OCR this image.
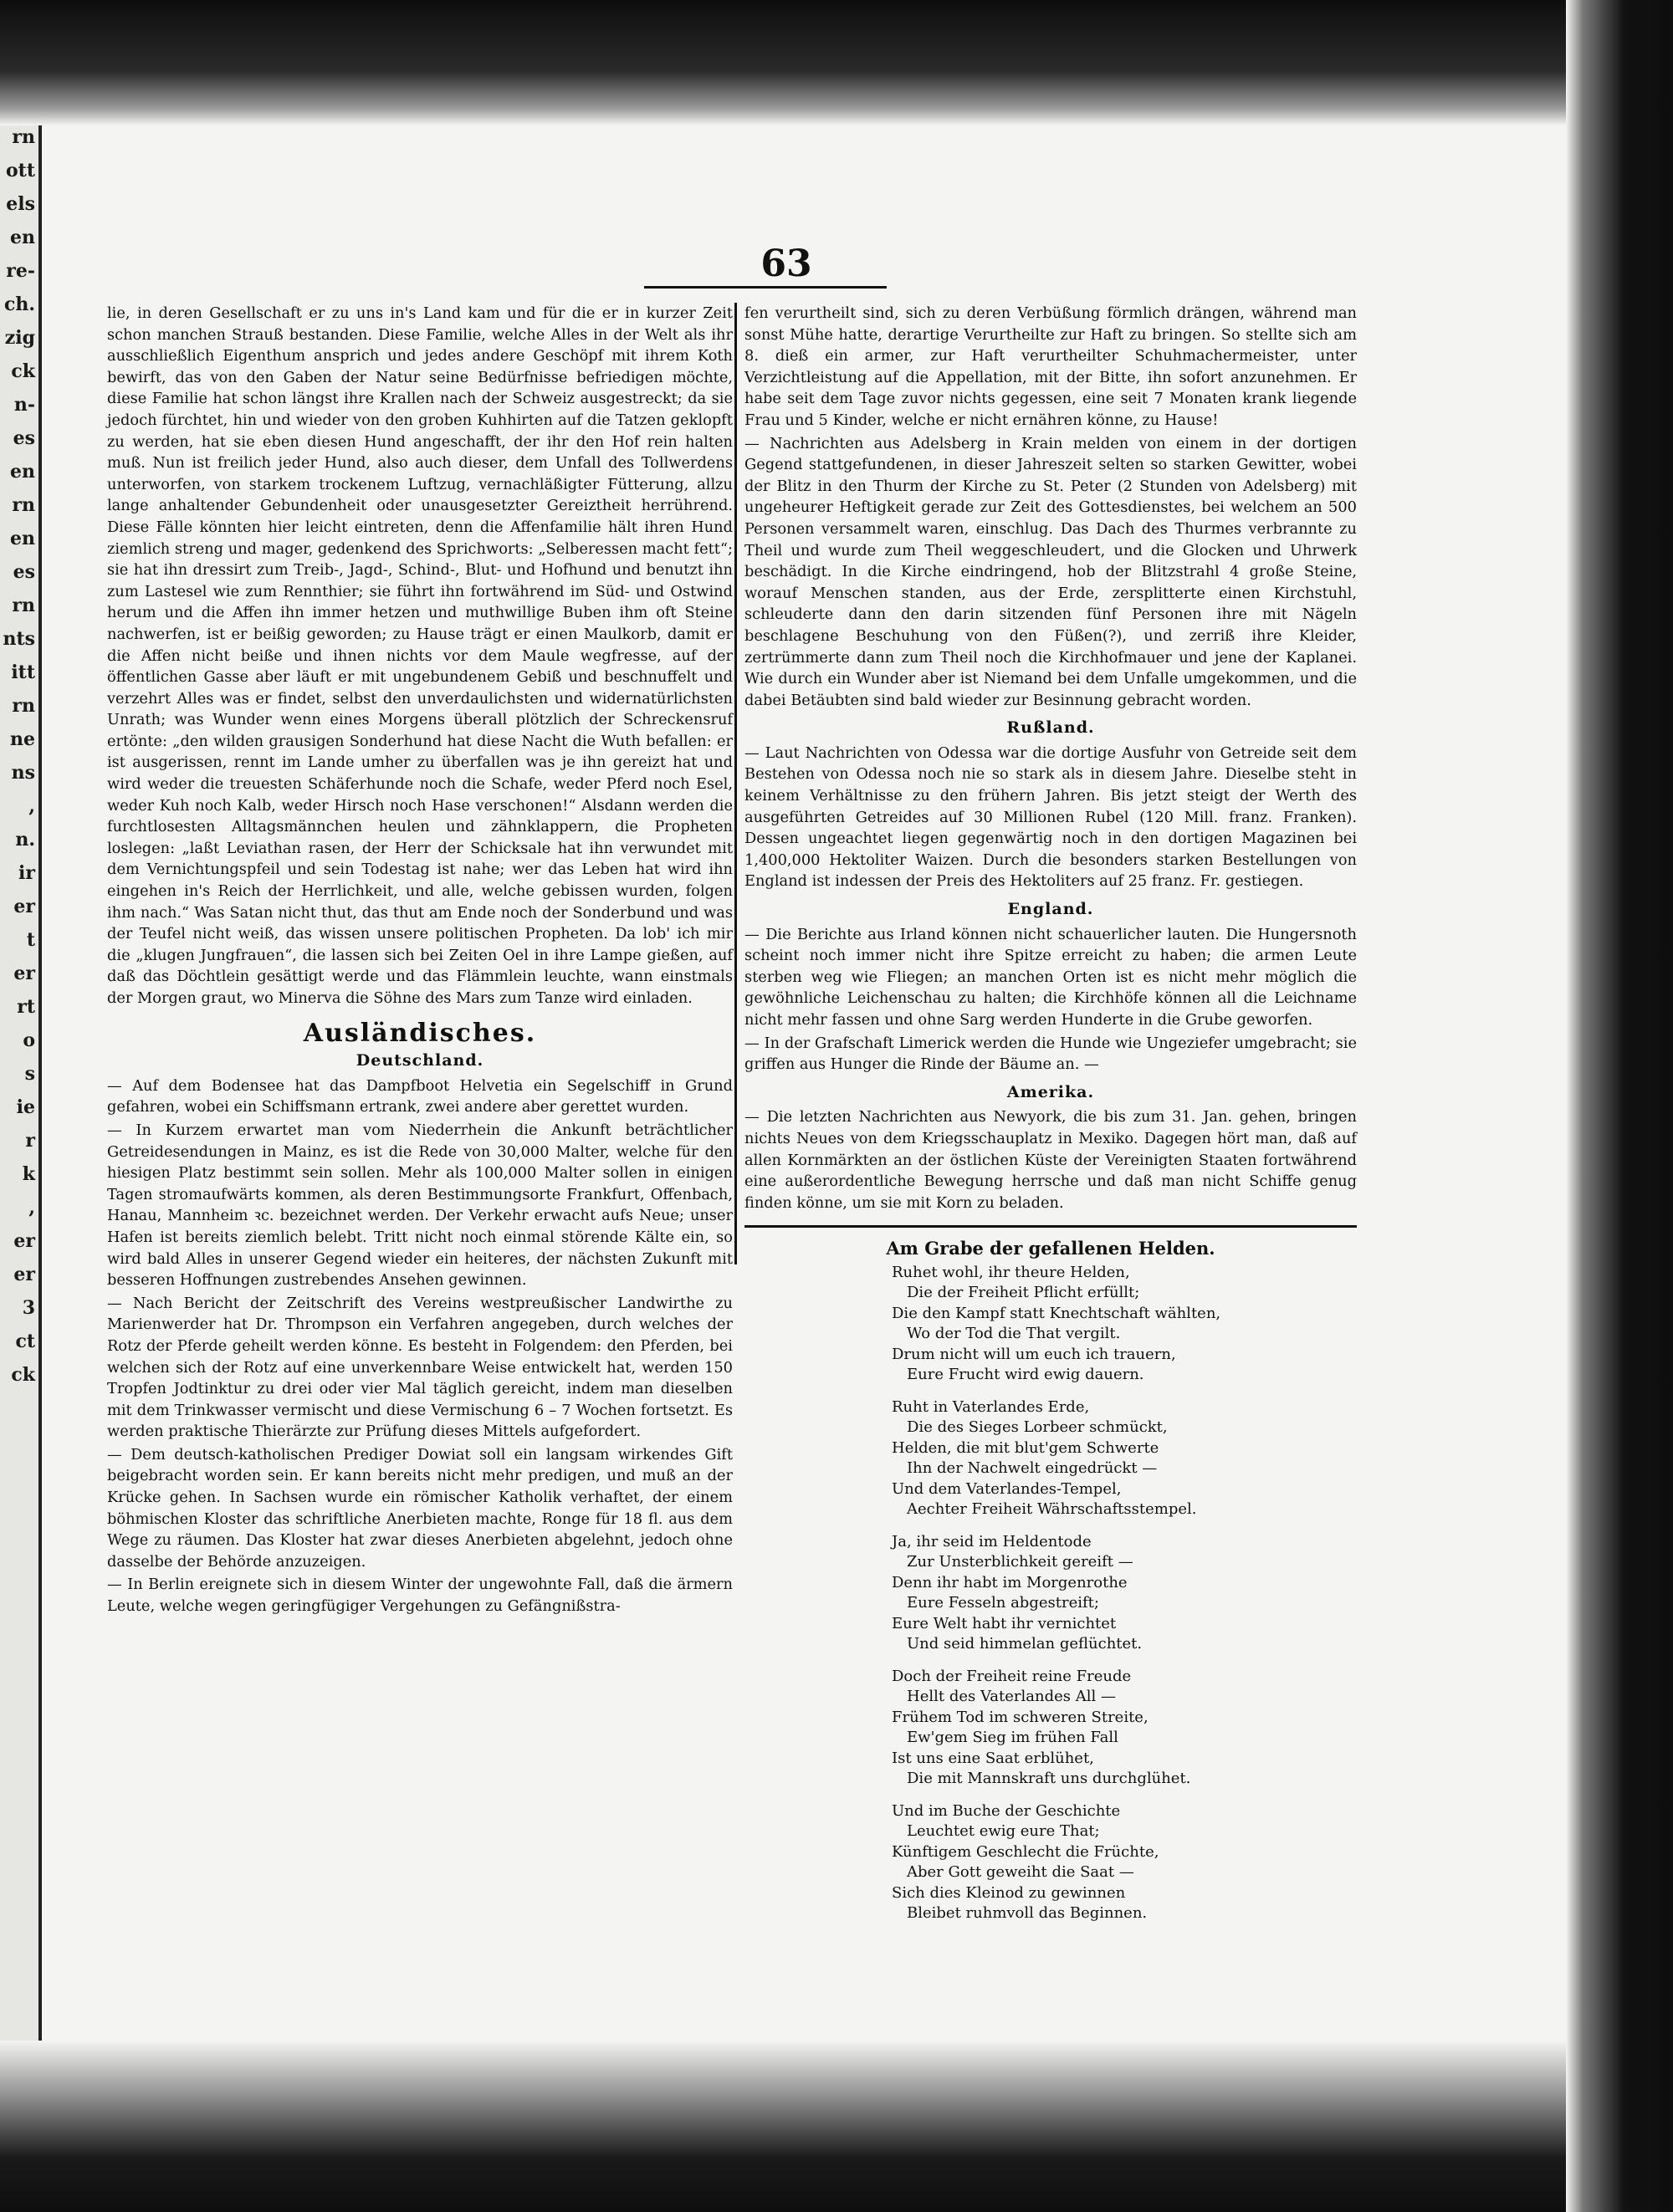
rn
ott
els
en
re-
ch.
zig
ck
n-
es
en
rn
en
es
rn
nts
itt
rn
ne
ns
,
n.
ir
er
t
er
rt
o
s
ie
r
k
,
er
er
3
ct
ck
63

lie, in deren Gesellschaft er zu uns in's Land kam und für die er in kurzer Zeit schon manchen Strauß bestanden. Diese Familie, welche Alles in der Welt als ihr ausschließlich Eigenthum ansprich und jedes andere Geschöpf mit ihrem Koth bewirft, das von den Gaben der Natur seine Bedürfnisse befriedigen möchte, diese Familie hat schon längst ihre Krallen nach der Schweiz ausgestreckt; da sie jedoch fürchtet, hin und wieder von den groben Kuhhirten auf die Tatzen geklopft zu werden, hat sie eben diesen Hund angeschafft, der ihr den Hof rein halten muß. Nun ist freilich jeder Hund, also auch dieser, dem Unfall des Tollwerdens unterworfen, von starkem trockenem Luftzug, vernachläßigter Fütterung, allzu lange anhaltender Gebundenheit oder unausgesetzter Gereiztheit herrührend. Diese Fälle könnten hier leicht eintreten, denn die Affenfamilie hält ihren Hund ziemlich streng und mager, gedenkend des Sprichworts: „Selberessen macht fett“; sie hat ihn dressirt zum Treib-, Jagd-, Schind-, Blut- und Hofhund und benutzt ihn zum Lastesel wie zum Rennthier; sie führt ihn fortwährend im Süd- und Ostwind herum und die Affen ihn immer hetzen und muthwillige Buben ihm oft Steine nachwerfen, ist er beißig geworden; zu Hause trägt er einen Maulkorb, damit er die Affen nicht beiße und ihnen nichts vor dem Maule wegfresse, auf der öffentlichen Gasse aber läuft er mit ungebundenem Gebiß und beschnuffelt und verzehrt Alles was er findet, selbst den unverdaulichsten und widernatürlichsten Unrath; was Wunder wenn eines Morgens überall plötzlich der Schreckensruf ertönte: „den wilden grausigen Sonderhund hat diese Nacht die Wuth befallen: er ist ausgerissen, rennt im Lande umher zu überfallen was je ihn gereizt hat und wird weder die treuesten Schäferhunde noch die Schafe, weder Pferd noch Esel, weder Kuh noch Kalb, weder Hirsch noch Hase verschonen!“ Alsdann werden die furchtlosesten Alltagsmännchen heulen und zähnklappern, die Propheten loslegen: „laßt Leviathan rasen, der Herr der Schicksale hat ihn verwundet mit dem Vernichtungspfeil und sein Todestag ist nahe; wer das Leben hat wird ihn eingehen in's Reich der Herrlichkeit, und alle, welche gebissen wurden, folgen ihm nach.“ Was Satan nicht thut, das thut am Ende noch der Sonderbund und was der Teufel nicht weiß, das wissen unsere politischen Propheten. Da lob' ich mir die „klugen Jungfrauen“, die lassen sich bei Zeiten Oel in ihre Lampe gießen, auf daß das Döchtlein gesättigt werde und das Flämmlein leuchte, wann einstmals der Morgen graut, wo Minerva die Söhne des Mars zum Tanze wird einladen.

Ausländisches.
Deutschland.

— Auf dem Bodensee hat das Dampfboot Helvetia ein Segelschiff in Grund gefahren, wobei ein Schiffsmann ertrank, zwei andere aber gerettet wurden.

— In Kurzem erwartet man vom Niederrhein die Ankunft beträchtlicher Getreidesendungen in Mainz, es ist die Rede von 30,000 Malter, welche für den hiesigen Platz bestimmt sein sollen. Mehr als 100,000 Malter sollen in einigen Tagen stromaufwärts kommen, als deren Bestimmungsorte Frankfurt, Offenbach, Hanau, Mannheim ꝛc. bezeichnet werden. Der Verkehr erwacht aufs Neue; unser Hafen ist bereits ziemlich belebt. Tritt nicht noch einmal störende Kälte ein, so wird bald Alles in unserer Gegend wieder ein heiteres, der nächsten Zukunft mit besseren Hoffnungen zustrebendes Ansehen gewinnen.

— Nach Bericht der Zeitschrift des Vereins westpreußischer Landwirthe zu Marienwerder hat Dr. Thrompson ein Verfahren angegeben, durch welches der Rotz der Pferde geheilt werden könne. Es besteht in Folgendem: den Pferden, bei welchen sich der Rotz auf eine unverkennbare Weise entwickelt hat, werden 150 Tropfen Jodtinktur zu drei oder vier Mal täglich gereicht, indem man dieselben mit dem Trinkwasser vermischt und diese Vermischung 6 – 7 Wochen fortsetzt. Es werden praktische Thierärzte zur Prüfung dieses Mittels aufgefordert.

— Dem deutsch-katholischen Prediger Dowiat soll ein langsam wirkendes Gift beigebracht worden sein. Er kann bereits nicht mehr predigen, und muß an der Krücke gehen. In Sachsen wurde ein römischer Katholik verhaftet, der einem böhmischen Kloster das schriftliche Anerbieten machte, Ronge für 18 fl. aus dem Wege zu räumen. Das Kloster hat zwar dieses Anerbieten abgelehnt, jedoch ohne dasselbe der Behörde anzuzeigen.

— In Berlin ereignete sich in diesem Winter der ungewohnte Fall, daß die ärmern Leute, welche wegen geringfügiger Vergehungen zu Gefängnißstra-

fen verurtheilt sind, sich zu deren Verbüßung förmlich drängen, während man sonst Mühe hatte, derartige Verurtheilte zur Haft zu bringen. So stellte sich am 8. dieß ein armer, zur Haft verurtheilter Schuhmachermeister, unter Verzichtleistung auf die Appellation, mit der Bitte, ihn sofort anzunehmen. Er habe seit dem Tage zuvor nichts gegessen, eine seit 7 Monaten krank liegende Frau und 5 Kinder, welche er nicht ernähren könne, zu Hause!

— Nachrichten aus Adelsberg in Krain melden von einem in der dortigen Gegend stattgefundenen, in dieser Jahreszeit selten so starken Gewitter, wobei der Blitz in den Thurm der Kirche zu St. Peter (2 Stunden von Adelsberg) mit ungeheurer Heftigkeit gerade zur Zeit des Gottesdienstes, bei welchem an 500 Personen versammelt waren, einschlug. Das Dach des Thurmes verbrannte zu Theil und wurde zum Theil weggeschleudert, und die Glocken und Uhrwerk beschädigt. In die Kirche eindringend, hob der Blitzstrahl 4 große Steine, worauf Menschen standen, aus der Erde, zersplitterte einen Kirchstuhl, schleuderte dann den darin sitzenden fünf Personen ihre mit Nägeln beschlagene Beschuhung von den Füßen(?), und zerriß ihre Kleider, zertrümmerte dann zum Theil noch die Kirchhofmauer und jene der Kaplanei. Wie durch ein Wunder aber ist Niemand bei dem Unfalle umgekommen, und die dabei Betäubten sind bald wieder zur Besinnung gebracht worden.

Rußland.

— Laut Nachrichten von Odessa war die dortige Ausfuhr von Getreide seit dem Bestehen von Odessa noch nie so stark als in diesem Jahre. Dieselbe steht in keinem Verhältnisse zu den frühern Jahren. Bis jetzt steigt der Werth des ausgeführten Getreides auf 30 Millionen Rubel (120 Mill. franz. Franken). Dessen ungeachtet liegen gegenwärtig noch in den dortigen Magazinen bei 1,400,000 Hektoliter Waizen. Durch die besonders starken Bestellungen von England ist indessen der Preis des Hektoliters auf 25 franz. Fr. gestiegen.

England.

— Die Berichte aus Irland können nicht schauerlicher lauten. Die Hungersnoth scheint noch immer nicht ihre Spitze erreicht zu haben; die armen Leute sterben weg wie Fliegen; an manchen Orten ist es nicht mehr möglich die gewöhnliche Leichenschau zu halten; die Kirchhöfe können all die Leichname nicht mehr fassen und ohne Sarg werden Hunderte in die Grube geworfen.

— In der Grafschaft Limerick werden die Hunde wie Ungeziefer umgebracht; sie griffen aus Hunger die Rinde der Bäume an. —

Amerika.

— Die letzten Nachrichten aus Newyork, die bis zum 31. Jan. gehen, bringen nichts Neues von dem Kriegsschauplatz in Mexiko. Dagegen hört man, daß auf allen Kornmärkten an der östlichen Küste der Vereinigten Staaten fortwährend eine außerordentliche Bewegung herrsche und daß man nicht Schiffe genug finden könne, um sie mit Korn zu beladen.

Am Grabe der gefallenen Helden.
Ruhet wohl, ihr theure Helden,
Die der Freiheit Pflicht erfüllt;
Die den Kampf statt Knechtschaft wählten,
Wo der Tod die That vergilt.
Drum nicht will um euch ich trauern,
Eure Frucht wird ewig dauern.
Ruht in Vaterlandes Erde,
Die des Sieges Lorbeer schmückt,
Helden, die mit blut'gem Schwerte
Ihn der Nachwelt eingedrückt —
Und dem Vaterlandes-Tempel,
Aechter Freiheit Währschaftsstempel.
Ja, ihr seid im Heldentode
Zur Unsterblichkeit gereift —
Denn ihr habt im Morgenrothe
Eure Fesseln abgestreift;
Eure Welt habt ihr vernichtet
Und seid himmelan geflüchtet.
Doch der Freiheit reine Freude
Hellt des Vaterlandes All —
Frühem Tod im schweren Streite,
Ew'gem Sieg im frühen Fall
Ist uns eine Saat erblühet,
Die mit Mannskraft uns durchglühet.
Und im Buche der Geschichte
Leuchtet ewig eure That;
Künftigem Geschlecht die Früchte,
Aber Gott geweiht die Saat —
Sich dies Kleinod zu gewinnen
Bleibet ruhmvoll das Beginnen.
